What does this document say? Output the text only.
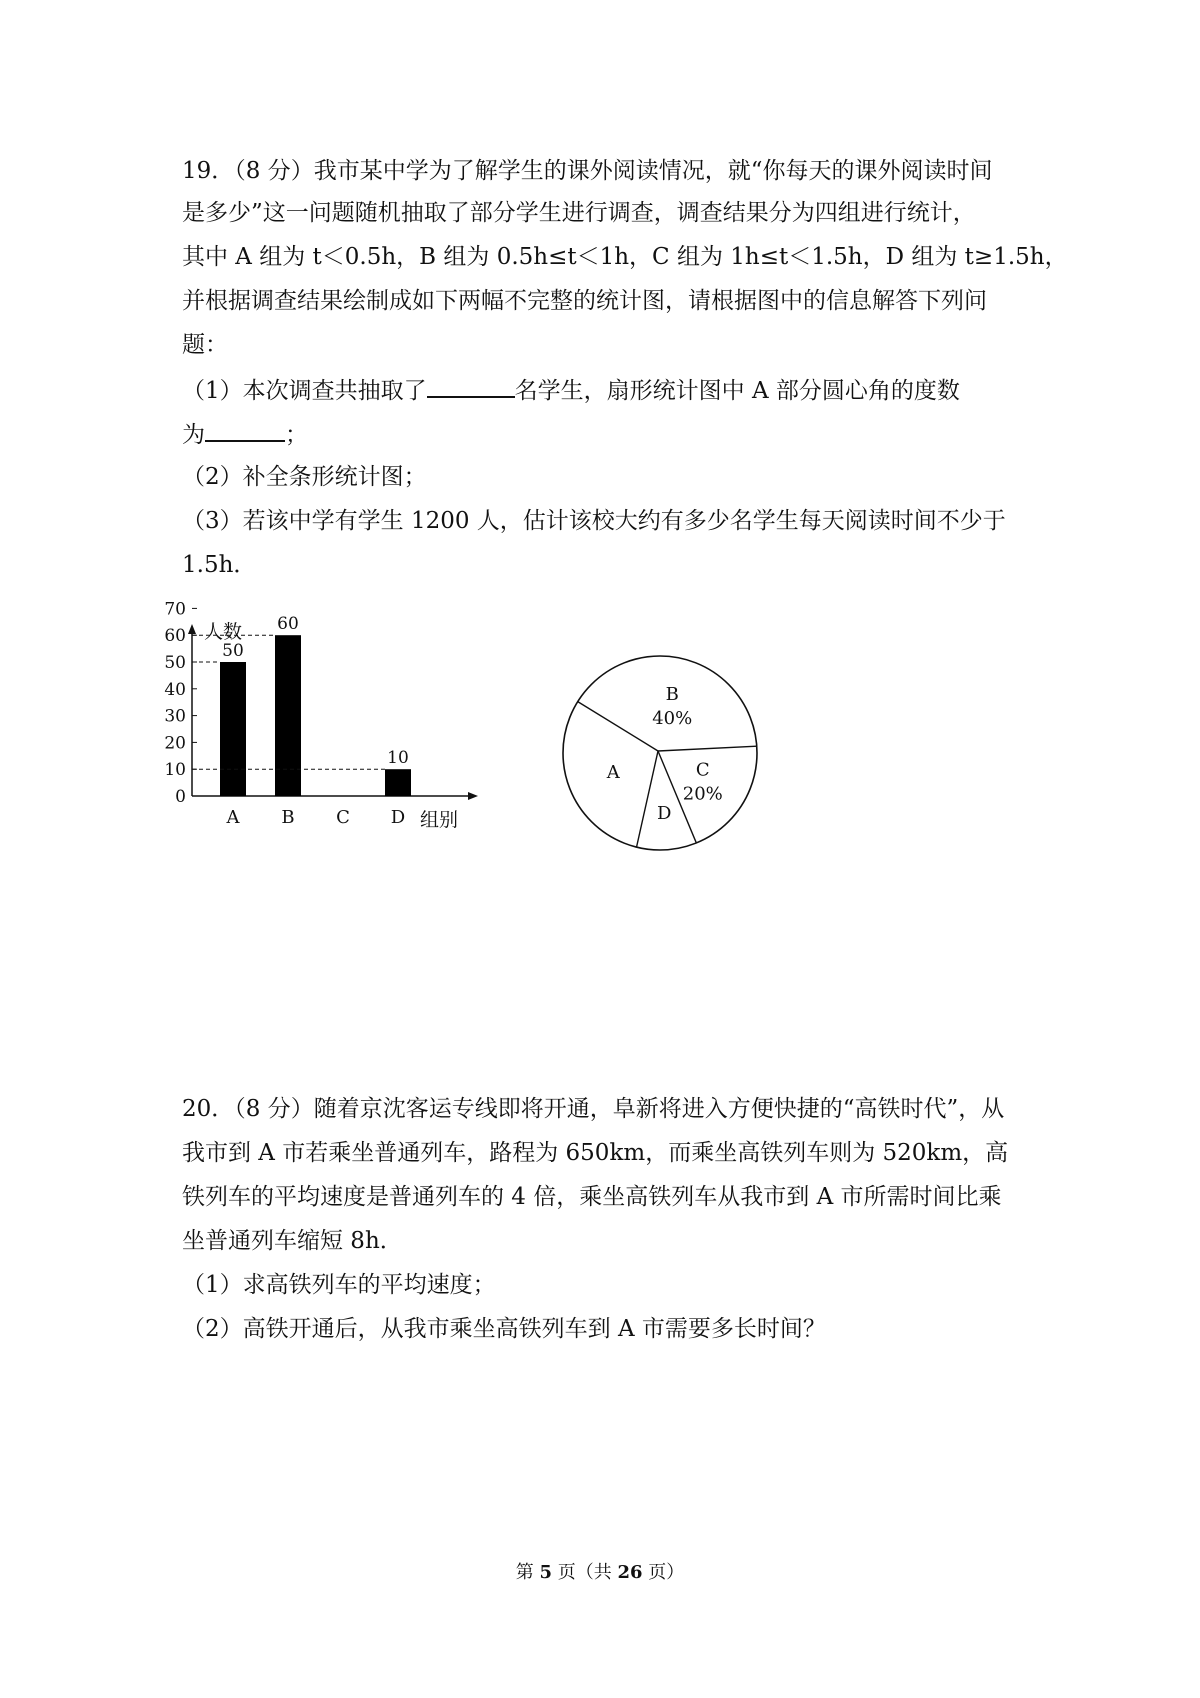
19．（8 分）我市某中学为了解学生的课外阅读情况，就“你每天的课外阅读时间
是多少”这一问题随机抽取了部分学生进行调查，调查结果分为四组进行统计，
其中 A 组为 t＜0.5h，B 组为 0.5h≤t＜1h，C 组为 1h≤t＜1.5h，D 组为 t≥1.5h，
并根据调查结果绘制成如下两幅不完整的统计图，请根据图中的信息解答下列问
题：
（1）本次调查共抽取了	名学生，扇形统计图中 A 部分圆心角的度数
为	；
（2）补全条形统计图；
（3）若该中学有学生 1200 人，估计该校大约有多少名学生每天阅读时间不少于
1.5h．
0
10
20
30
40
50
60
70
人数
组别
A
50
B
60
C D
10
B
40%
C
20%
D
A
20．（8 分）随着京沈客运专线即将开通，阜新将进入方便快捷的“高铁时代”，从
我市到 A 市若乘坐普通列车，路程为 650km，而乘坐高铁列车则为 520km，高
铁列车的平均速度是普通列车的 4 倍，乘坐高铁列车从我市到 A 市所需时间比乘
坐普通列车缩短 8h．
（1）求高铁列车的平均速度；
（2）高铁开通后，从我市乘坐高铁列车到 A 市需要多长时间？
第 5 页（共 26 页）
